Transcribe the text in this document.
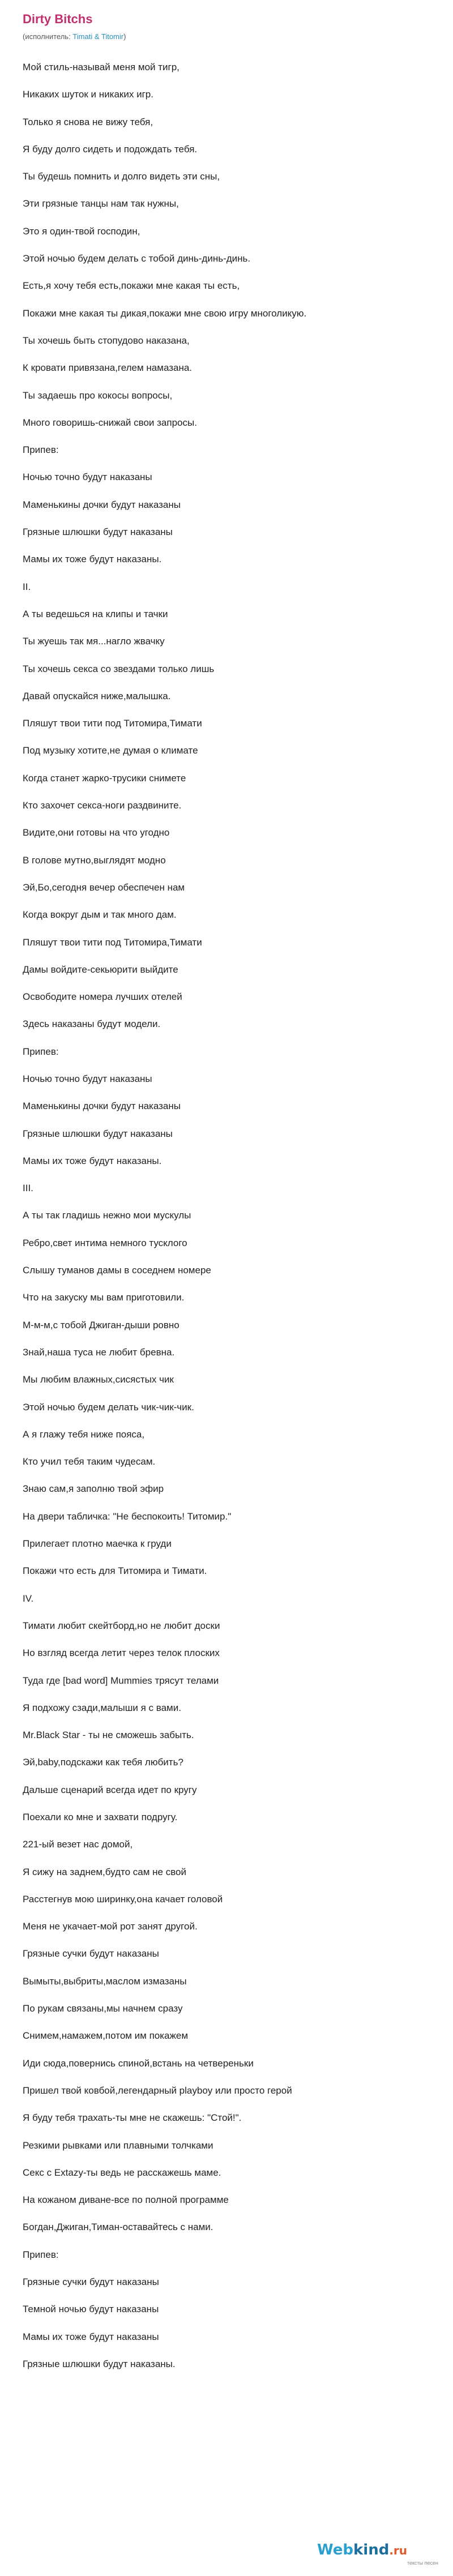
Dirty Bitchs
(исполнитель: Timati & Titomir)
Мой стиль-называй меня мой тигр,
Никаких шуток и никаких игр.
Только я снова не вижу тебя,
Я буду долго сидеть и подождать тебя.
Ты будешь помнить и долго видеть эти сны,
Эти грязные танцы нам так нужны,
Это я один-твой господин,
Этой ночью будем делать с тобой динь-динь-динь.
Есть,я хочу тебя есть,покажи мне какая ты есть,
Покажи мне какая ты дикая,покажи мне свою игру многоликую.
Ты хочешь быть стопудово наказана,
К кровати привязана,гелем намазана.
Ты задаешь про кокосы вопросы,
Много говоришь-снижай свои запросы.
Припев:
Ночью точно будут наказаны
Маменькины дочки будут наказаны
Грязные шлюшки будут наказаны
Мамы их тоже будут наказаны.
II.
А ты ведешься на клипы и тачки
Ты жуешь так мя...нагло жвачку
Ты хочешь секса со звездами только лишь
Давай опускайся ниже,малышка.
Пляшут твои тити под Титомира,Тимати
Под музыку хотите,не думая о климате
Когда станет жарко-трусики снимете
Кто захочет секса-ноги раздвините.
Видите,они готовы на что угодно
В голове мутно,выглядят модно
Эй,Бо,сегодня вечер обеспечен нам
Когда вокруг дым и так много дам.
Пляшут твои тити под Титомира,Тимати
Дамы войдите-секьюрити выйдите
Освободите номера лучших отелей
Здесь наказаны будут модели.
Припев:
Ночью точно будут наказаны
Маменькины дочки будут наказаны
Грязные шлюшки будут наказаны
Мамы их тоже будут наказаны.
III.
А ты так гладишь нежно мои мускулы
Ребро,свет интима немного тусклого
Слышу туманов дамы в соседнем номере
Что на закуску мы вам приготовили.
М-м-м,с тобой Джиган-дыши ровно
Знай,наша туса не любит бревна.
Мы любим влажных,сисястых чик
Этой ночью будем делать чик-чик-чик.
А я глажу тебя ниже пояса,
Кто учил тебя таким чудесам.
Знаю сам,я заполню твой эфир
На двери табличка: "Не беспокоить! Титомир."
Прилегает плотно маечка к груди
Покажи что есть для Титомира и Тимати.
IV.
Тимати любит скейтборд,но не любит доски
Но взгляд всегда летит через телок плоских
Туда где [bad word] Mummies трясут телами
Я подхожу сзади,малыши я с вами.
Mr.Black Star - ты не сможешь забыть.
Эй,baby,подскажи как тебя любить?
Дальше сценарий всегда идет по кругу
Поехали ко мне и захвати подругу.
221-ый везет нас домой,
Я сижу на заднем,будто сам не свой
Расстегнув мою ширинку,она качает головой
Меня не укачает-мой рот занят другой.
Грязные сучки будут наказаны
Вымыты,выбриты,маслом измазаны
По рукам связаны,мы начнем сразу
Снимем,намажем,потом им покажем
Иди сюда,повернись спиной,встань на четвереньки
Пришел твой ковбой,легендарный playboy или просто герой
Я буду тебя трахать-ты мне не скажешь: "Стой!".
Резкими рывками или плавными толчками
Секс с Extazy-ты ведь не расскажешь маме.
На кожаном диване-все по полной программе
Богдан,Джиган,Тиман-оставайтесь с нами.
Припев:
Грязные сучки будут наказаны
Темной ночью будут наказаны
Мамы их тоже будут наказаны
Грязные шлюшки будут наказаны.
Webkind.ru
тексты песен
